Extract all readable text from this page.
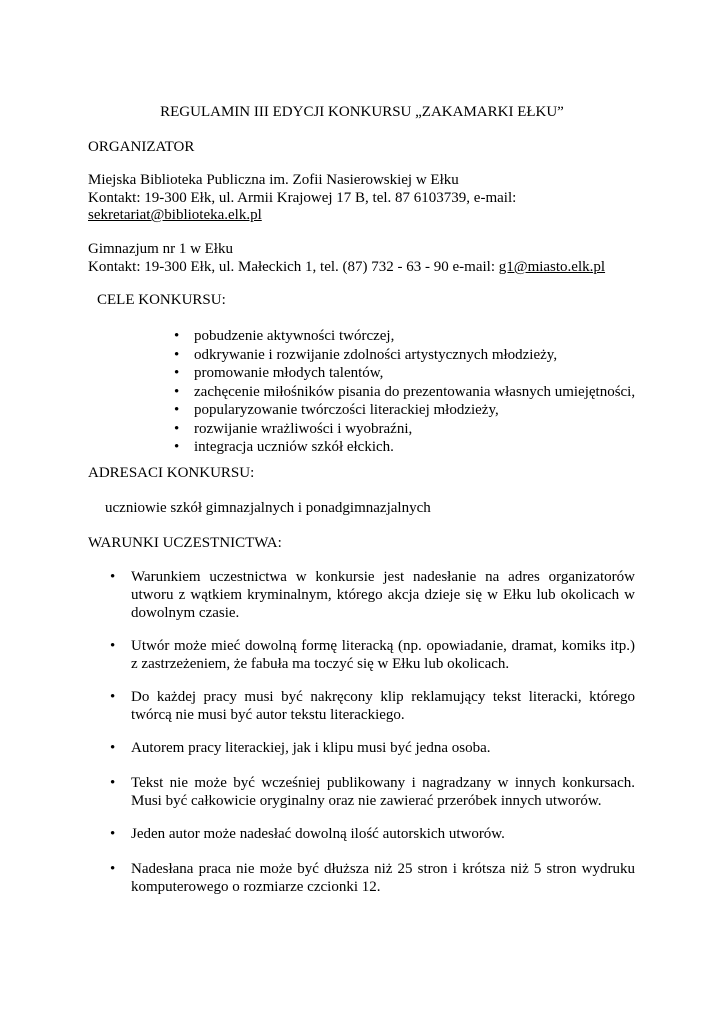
REGULAMIN III EDYCJI KONKURSU „ZAKAMARKI EŁKU”
ORGANIZATOR
Miejska Biblioteka Publiczna im. Zofii Nasierowskiej w Ełku
Kontakt: 19-300 Ełk, ul. Armii Krajowej 17 B, tel. 87 6103739, e-mail:
sekretariat@biblioteka.elk.pl
Gimnazjum nr 1 w Ełku
Kontakt: 19-300 Ełk, ul. Małeckich 1, tel. (87) 732 - 63 - 90 e-mail: g1@miasto.elk.pl
CELE KONKURSU:
• pobudzenie aktywności twórczej,
• odkrywanie i rozwijanie zdolności artystycznych młodzieży,
• promowanie młodych talentów,
• zachęcenie miłośników pisania do prezentowania własnych umiejętności,
• popularyzowanie twórczości literackiej młodzieży,
• rozwijanie wrażliwości i wyobraźni,
• integracja uczniów szkół ełckich.
ADRESACI KONKURSU:
uczniowie szkół gimnazjalnych i ponadgimnazjalnych
WARUNKI UCZESTNICTWA:
• Warunkiem uczestnictwa w konkursie jest nadesłanie na adres organizatorów utworu z wątkiem kryminalnym, którego akcja dzieje się w Ełku lub okolicach w dowolnym czasie.
• Utwór może mieć dowolną formę literacką (np. opowiadanie, dramat, komiks itp.) z zastrzeżeniem, że fabuła ma toczyć się w Ełku lub okolicach.
• Do każdej pracy musi być nakręcony klip reklamujący tekst literacki, którego twórcą nie musi być autor tekstu literackiego.
• Autorem pracy literackiej, jak i klipu musi być jedna osoba.
• Tekst nie może być wcześniej publikowany i nagradzany w innych konkursach. Musi być całkowicie oryginalny oraz nie zawierać przeróbek innych utworów.
• Jeden autor może nadesłać dowolną ilość autorskich utworów.
• Nadesłana praca nie może być dłuższa niż 25 stron i krótsza niż 5 stron wydruku komputerowego o rozmiarze czcionki 12.
